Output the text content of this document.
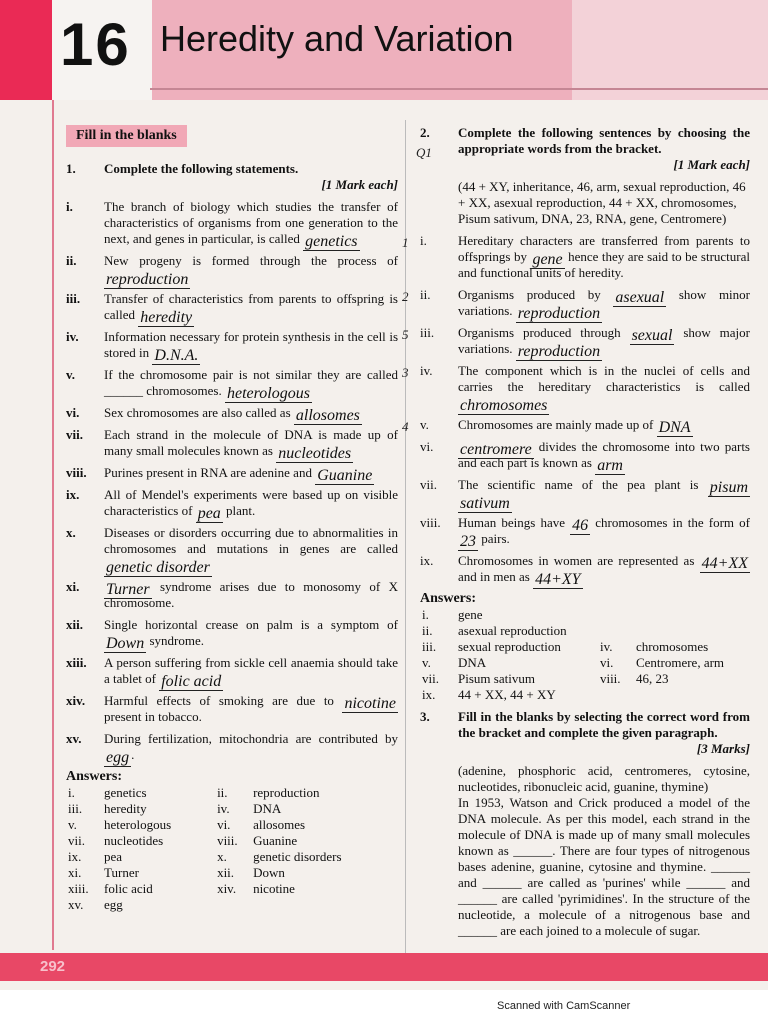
16 Heredity and Variation
Fill in the blanks
1. Complete the following statements.
[1 Mark each]
i. The branch of biology which studies the transfer of characteristics of organisms from one generation to the next, and genes in particular, is called genetics
ii. New progeny is formed through the process of reproduction
iii. Transfer of characteristics from parents to offspring is called heredity
iv. Information necessary for protein synthesis in the cell is stored in D.N.A.
v. If the chromosome pair is not similar they are called ______ chromosomes. heterologous
vi. Sex chromosomes are also called as allosomes
vii. Each strand in the molecule of DNA is made up of many small molecules known as nucleotides
viii. Purines present in RNA are adenine and Guanine
ix. All of Mendel's experiments were based up on visible characteristics of pea plant.
x. Diseases or disorders occurring due to abnormalities in chromosomes and mutations in genes are called genetic disorder
xi. Turner syndrome arises due to monosomy of X chromosome.
xii. Single horizontal crease on palm is a symptom of Down syndrome.
xiii. A person suffering from sickle cell anaemia should take a tablet of folic acid
xiv. Harmful effects of smoking are due to nicotine present in tobacco.
xv. During fertilization, mitochondria are contributed by egg .
Answers:
i.	genetics	ii.	reproduction
iii.	heredity	iv.	DNA
v.	heterologous	vi.	allosomes
vii.	nucleotides	viii.	Guanine
ix.	pea	x.	genetic disorders
xi.	Turner	xii.	Down
xiii.	folic acid	xiv.	nicotine
xv.	egg		
2. Complete the following sentences by choosing the appropriate words from the bracket.
Q1
[1 Mark each]
(44 + XY, inheritance, 46, arm, sexual reproduction, 46 + XX, asexual reproduction, 44 + XX, chromosomes, Pisum sativum, DNA, 23, RNA, gene, Centromere)
i. Hereditary characters are transferred from parents to offsprings by gene hence they are said to be structural and functional units of heredity.
1
ii. Organisms produced by asexual show minor variations. reproduction
2
iii. Organisms produced through sexual show major variations. reproduction
5
iv. The component which is in the nuclei of cells and carries the hereditary characteristics is called chromosomes
3
v. Chromosomes are mainly made up of DNA
4
vi. centromere divides the chromosome into two parts and each part is known as arm
vii. The scientific name of the pea plant is pisum sativum
viii. Human beings have 46 chromosomes in the form of 23 pairs.
ix. Chromosomes in women are represented as 44+XX and in men as 44+XY
Answers:
i.	gene		
ii.	asexual reproduction		
iii.	sexual reproduction	iv.	chromosomes
v.	DNA	vi.	Centromere, arm
vii.	Pisum sativum	viii.	46, 23
ix.	44 + XX, 44 + XY		
3. Fill in the blanks by selecting the correct word from the bracket and complete the given paragraph.
[3 Marks]
(adenine, phosphoric acid, centromeres, cytosine, nucleotides, ribonucleic acid, guanine, thymine)
In 1953, Watson and Crick produced a model of the DNA molecule. As per this model, each strand in the molecule of DNA is made up of many small molecules known as ______. There are four types of nitrogenous bases adenine, guanine, cytosine and thymine. ______ and ______ are called as 'purines' while ______ and ______ are called 'pyrimidines'. In the structure of the nucleotide, a molecule of a nitrogenous base and ______ are each joined to a molecule of sugar.
292
Scanned with CamScanner
